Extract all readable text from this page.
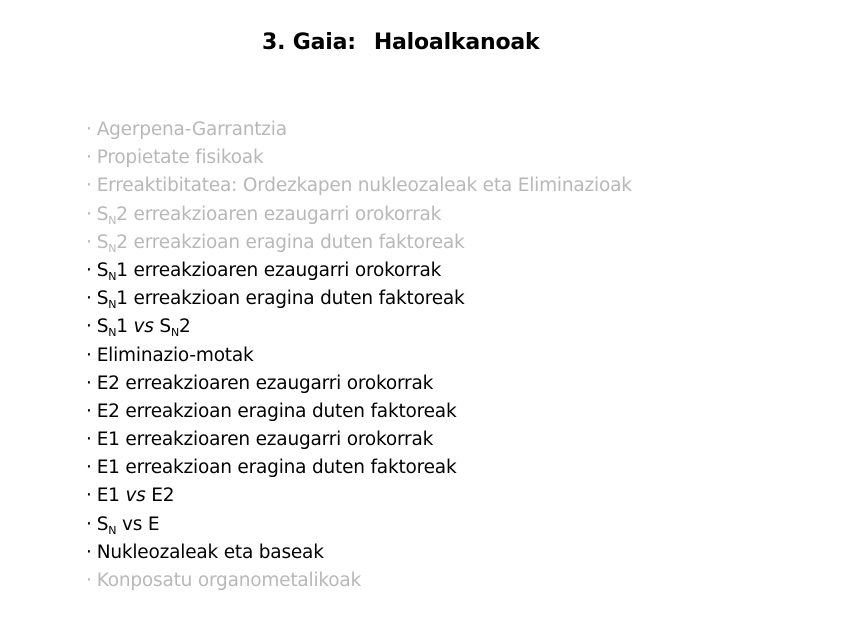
3. Gaia: Haloalkanoak
· Agerpena-Garrantzia
· Propietate fisikoak
· Erreaktibitatea: Ordezkapen nukleozaleak eta Eliminazioak
· $S_N2$ erreakzioaren ezaugarri orokorrak
· $S_N2$ erreakzioan eragina duten faktoreak
· $S_N1$ erreakzioaren ezaugarri orokorrak
· $S_N1$ erreakzioan eragina duten faktoreak
· $S_N1$ vs $S_N2$
· Eliminazio-motak
· E2 erreakzioaren ezaugarri orokorrak
· E2 erreakzioan eragina duten faktoreak
· E1 erreakzioaren ezaugarri orokorrak
· E1 erreakzioan eragina duten faktoreak
· E1 vs E2
· $S_N$ vs E
· Nukleozaleak eta baseak
· Konposatu organometalikoak
